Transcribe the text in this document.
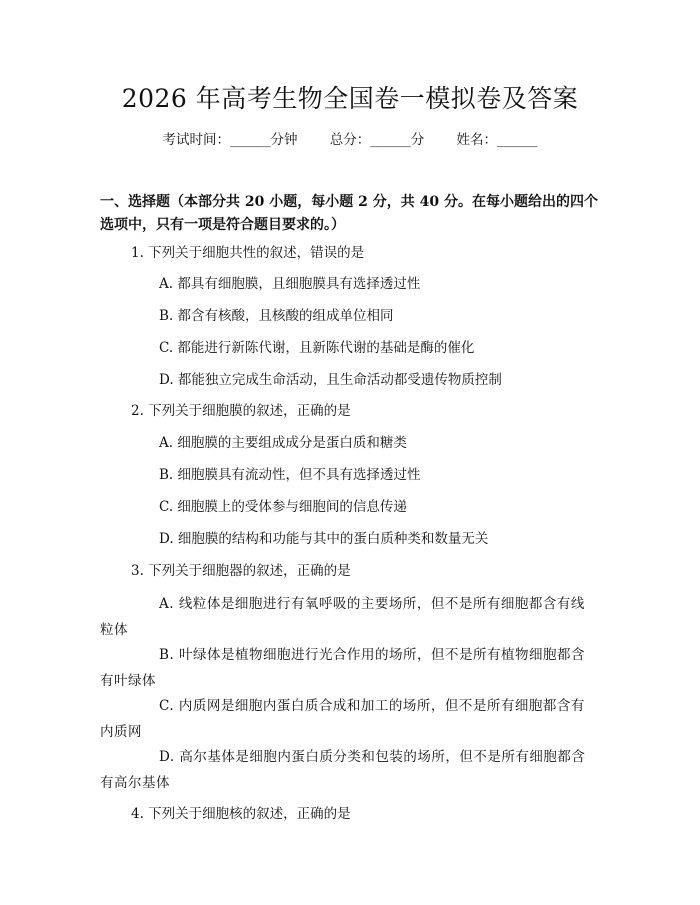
2026 年高考生物全国卷一模拟卷及答案
考试时间：______分钟 总分：______分 姓名：______
一、选择题（本部分共 20 小题，每小题 2 分，共 40 分。在每小题给出的四个选项中，只有一项是符合题目要求的。）
1. 下列关于细胞共性的叙述，错误的是
A. 都具有细胞膜，且细胞膜具有选择透过性
B. 都含有核酸，且核酸的组成单位相同
C. 都能进行新陈代谢，且新陈代谢的基础是酶的催化
D. 都能独立完成生命活动，且生命活动都受遗传物质控制
2. 下列关于细胞膜的叙述，正确的是
A. 细胞膜的主要组成成分是蛋白质和糖类
B. 细胞膜具有流动性，但不具有选择透过性
C. 细胞膜上的受体参与细胞间的信息传递
D. 细胞膜的结构和功能与其中的蛋白质种类和数量无关
3. 下列关于细胞器的叙述，正确的是
A. 线粒体是细胞进行有氧呼吸的主要场所，但不是所有细胞都含有线粒体
B. 叶绿体是植物细胞进行光合作用的场所，但不是所有植物细胞都含有叶绿体
C. 内质网是细胞内蛋白质合成和加工的场所，但不是所有细胞都含有内质网
D. 高尔基体是细胞内蛋白质分类和包装的场所，但不是所有细胞都含有高尔基体
4. 下列关于细胞核的叙述，正确的是
